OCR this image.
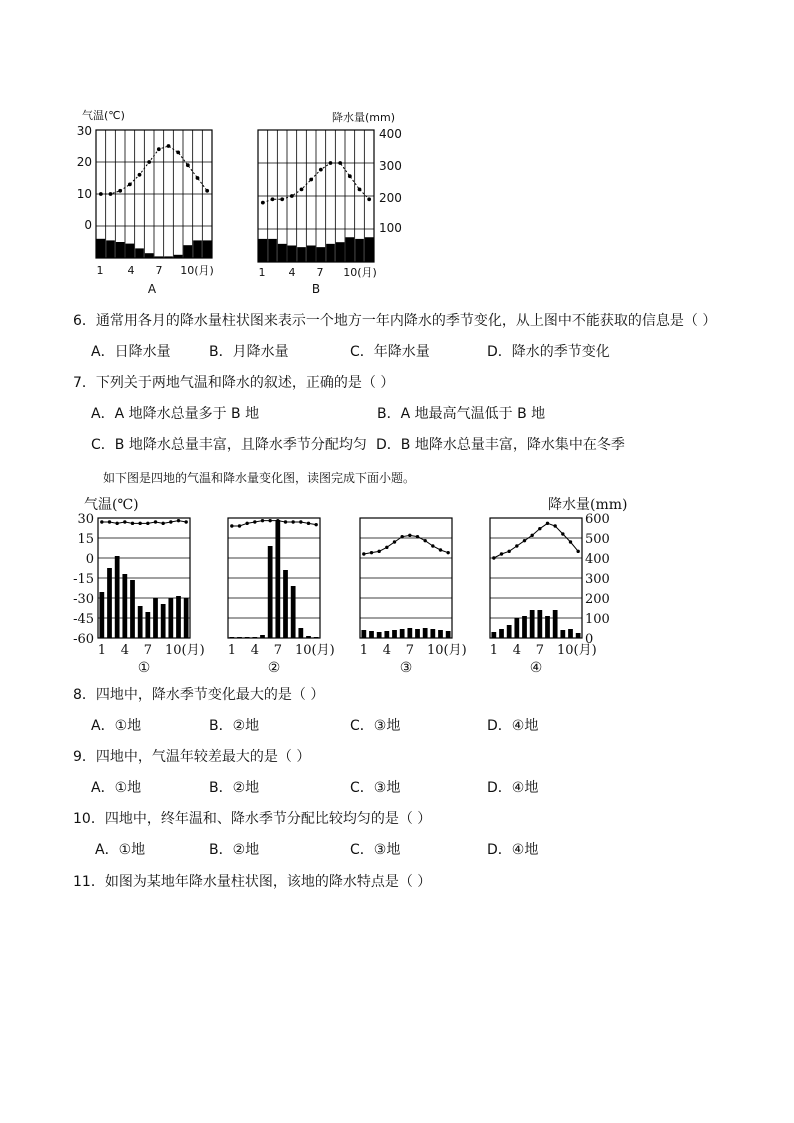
气温(℃)	降水量(mm)
30
20
10
0
400
300
200
100
1 4 7 10(月)
A
1 4 7 10(月)
B
6．通常用各月的降水量柱状图来表示一个地方一年内降水的季节变化，从上图中不能获取的信息是（ ）
A．日降水量	B．月降水量	C．年降水量	D．降水的季节变化
7．下列关于两地气温和降水的叙述，正确的是（ ）
A．A 地降水总量多于 B 地	B．A 地最高气温低于 B 地
C．B 地降水总量丰富，且降水季节分配均匀 D．B 地降水总量丰富，降水集中在冬季
如下图是四地的气温和降水量变化图，读图完成下面小题。
气温(℃)	降水量(mm)
30
15
0
-15
-30
-45
-60
600
500
400
300
200
100
0
1 4 7 10(月) 1 4 7 10(月) 1 4 7 10(月) 1 4 7 10(月)
①	②	③	④
8．四地中，降水季节变化最大的是（ ）
A．①地	B．②地	C．③地	D．④地
9．四地中，气温年较差最大的是（ ）
A．①地	B．②地	C．③地	D．④地
10．四地中，终年温和、降水季节分配比较均匀的是（ ）
A．①地	B．②地	C．③地	D．④地
11．如图为某地年降水量柱状图，该地的降水特点是（ ）
